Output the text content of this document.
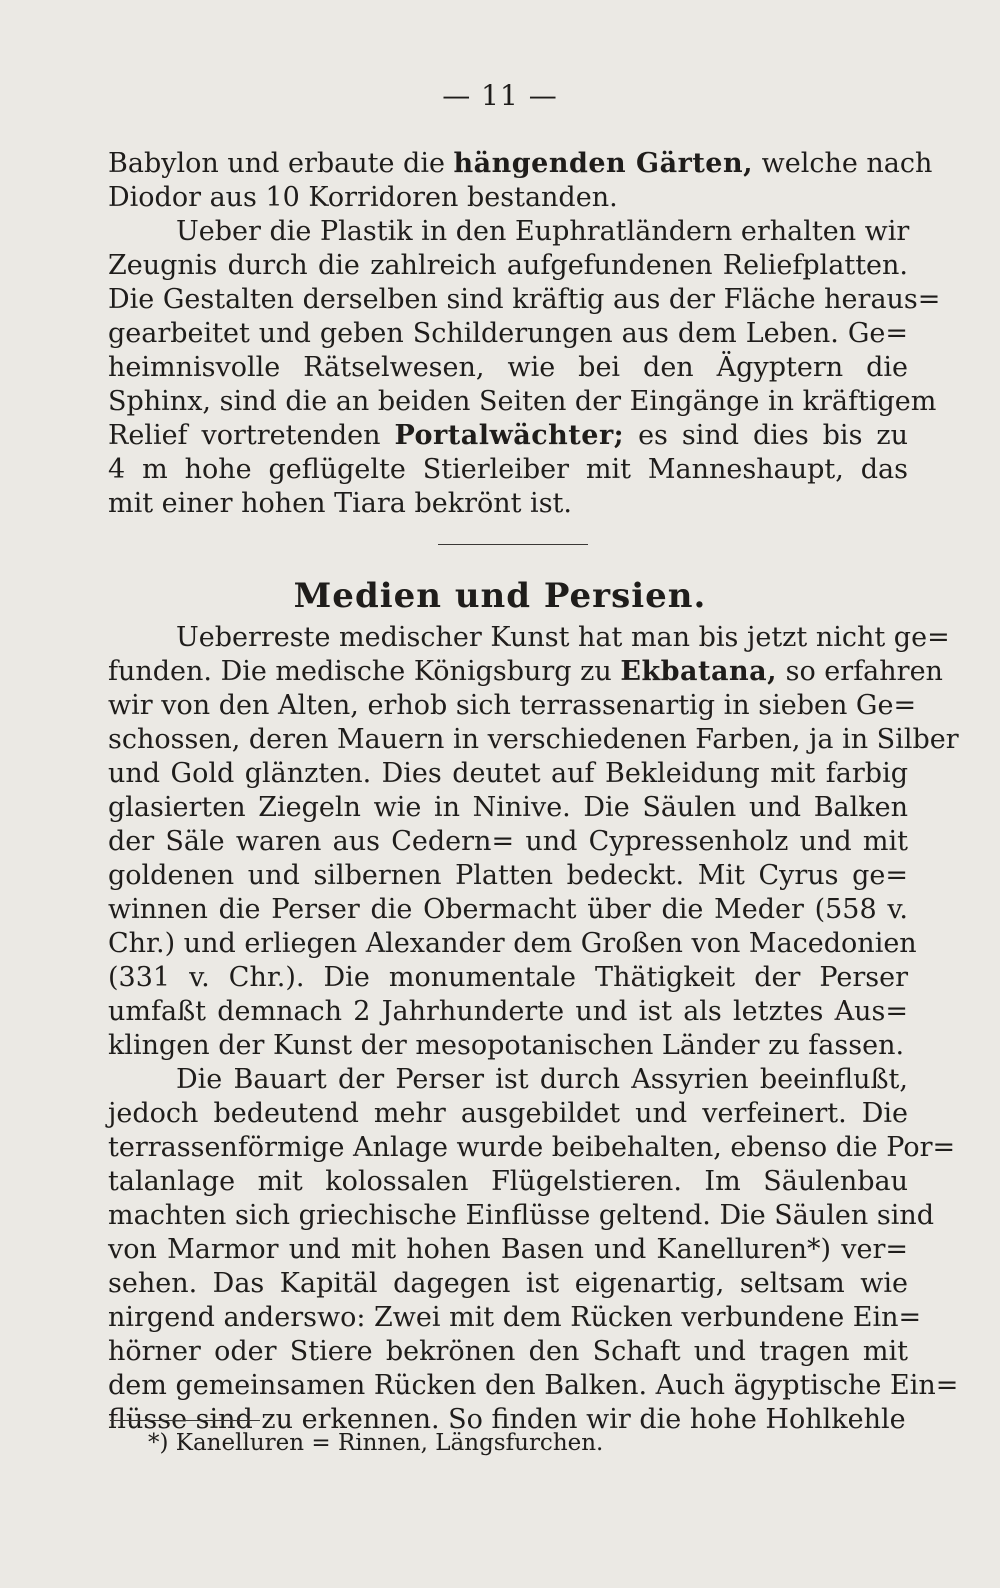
— 11 —
Babylon und erbaute die hängenden Gärten, welche nach
Diodor aus 10 Korridoren bestanden.
Ueber die Plastik in den Euphratländern erhalten wir
Zeugnis durch die zahlreich aufgefundenen Reliefplatten.
Die Gestalten derselben sind kräftig aus der Fläche heraus=
gearbeitet und geben Schilderungen aus dem Leben. Ge=
heimnisvolle Rätselwesen, wie bei den Ägyptern die
Sphinx, sind die an beiden Seiten der Eingänge in kräftigem
Relief vortretenden Portalwächter; es sind dies bis zu
4 m hohe geflügelte Stierleiber mit Manneshaupt, das
mit einer hohen Tiara bekrönt ist.
Medien und Persien.
Ueberreste medischer Kunst hat man bis jetzt nicht ge=
funden. Die medische Königsburg zu Ekbatana, so erfahren
wir von den Alten, erhob sich terrassenartig in sieben Ge=
schossen, deren Mauern in verschiedenen Farben, ja in Silber
und Gold glänzten. Dies deutet auf Bekleidung mit farbig
glasierten Ziegeln wie in Ninive. Die Säulen und Balken
der Säle waren aus Cedern= und Cypressenholz und mit
goldenen und silbernen Platten bedeckt. Mit Cyrus ge=
winnen die Perser die Obermacht über die Meder (558 v.
Chr.) und erliegen Alexander dem Großen von Macedonien
(331 v. Chr.). Die monumentale Thätigkeit der Perser
umfaßt demnach 2 Jahrhunderte und ist als letztes Aus=
klingen der Kunst der mesopotanischen Länder zu fassen.
Die Bauart der Perser ist durch Assyrien beeinflußt,
jedoch bedeutend mehr ausgebildet und verfeinert. Die
terrassenförmige Anlage wurde beibehalten, ebenso die Por=
talanlage mit kolossalen Flügelstieren. Im Säulenbau
machten sich griechische Einflüsse geltend. Die Säulen sind
von Marmor und mit hohen Basen und Kanelluren*) ver=
sehen. Das Kapitäl dagegen ist eigenartig, seltsam wie
nirgend anderswo: Zwei mit dem Rücken verbundene Ein=
hörner oder Stiere bekrönen den Schaft und tragen mit
dem gemeinsamen Rücken den Balken. Auch ägyptische Ein=
flüsse sind zu erkennen. So finden wir die hohe Hohlkehle
*) Kanelluren = Rinnen, Längsfurchen.
